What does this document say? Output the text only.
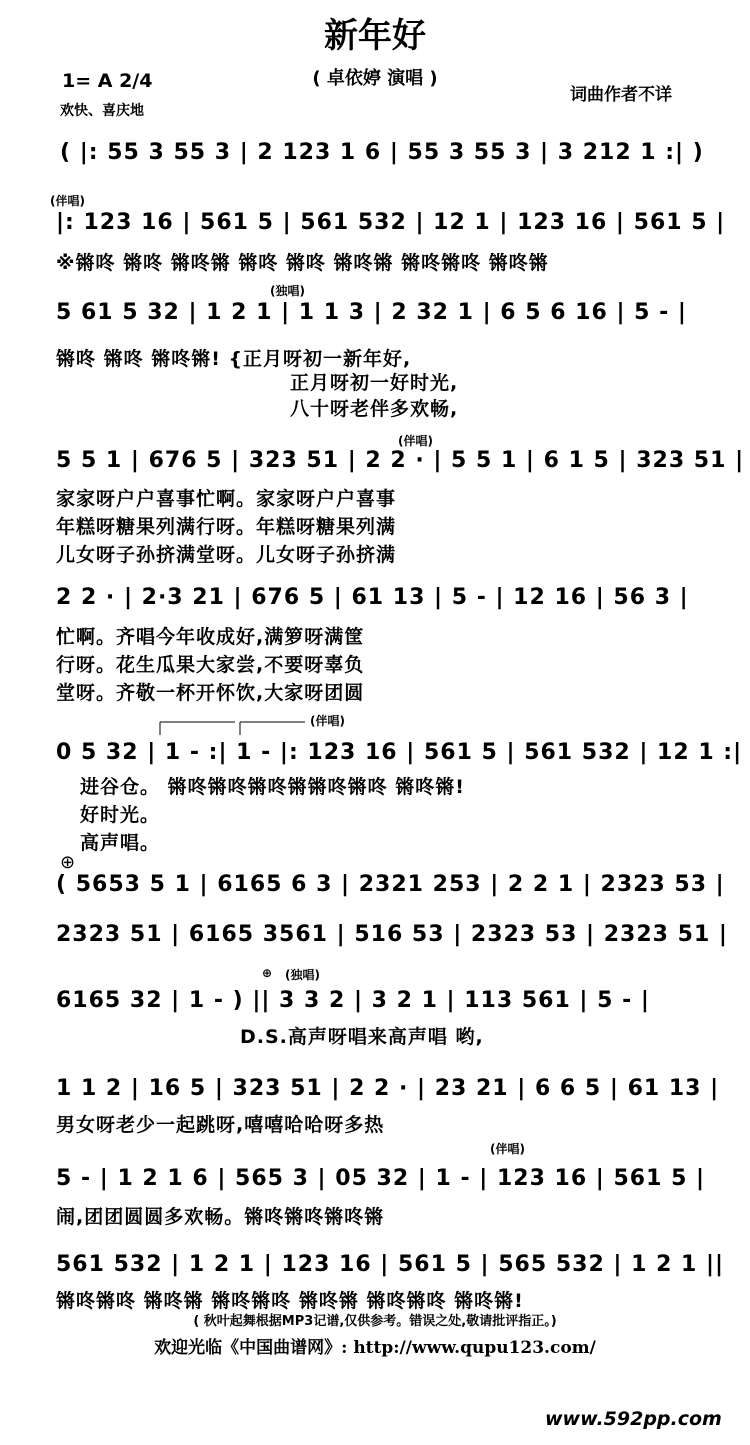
新年好
( 卓依婷 演唱 )
1= A 2/4
欢快、喜庆地
词曲作者不详
( |: 55 3 55 3 | 2 123 1 6 | 55 3 55 3 | 3 212 1 :| )
(伴唱)
|: 123 16 | 561 5 | 561 532 | 12 1 | 123 16 | 561 5 |
※锵咚 锵咚 锵咚锵 锵咚 锵咚 锵咚锵 锵咚锵咚 锵咚锵
(独唱)
5 61 5 32 | 1 2 1 | 1 1 3 | 2 32 1 | 6 5 6 16 | 5 - |
锵咚 锵咚 锵咚锵! {正月呀初一新年好,
正月呀初一好时光,
八十呀老伴多欢畅,
(伴唱)
5 5 1 | 676 5 | 323 51 | 2 2 · | 5 5 1 | 6 1 5 | 323 51 |
家家呀户户喜事忙啊。家家呀户户喜事
年糕呀糖果列满行呀。年糕呀糖果列满
儿女呀子孙挤满堂呀。儿女呀子孙挤满
2 2 · | 2·3 21 | 676 5 | 61 13 | 5 - | 12 16 | 56 3 |
忙啊。齐唱今年收成好,满箩呀满筐
行呀。花生瓜果大家尝,不要呀辜负
堂呀。齐敬一杯开怀饮,大家呀团圆
(伴唱)
0 5 32 | 1 - :| 1 - |: 123 16 | 561 5 | 561 532 | 12 1 :|
进谷仓。 锵咚锵咚锵咚锵锵咚锵咚 锵咚锵!
好时光。
高声唱。
⊕
( 5653 5 1 | 6165 6 3 | 2321 253 | 2 2 1 | 2323 53 |
2323 51 | 6165 3561 | 516 53 | 2323 53 | 2323 51 |
⊕ (独唱)
6165 32 | 1 - ) || 3 3 2 | 3 2 1 | 113 561 | 5 - |
D.S.高声呀唱来高声唱 哟,
1 1 2 | 16 5 | 323 51 | 2 2 · | 23 21 | 6 6 5 | 61 13 |
男女呀老少一起跳呀,嘻嘻哈哈呀多热
(伴唱)
5 - | 1 2 1 6 | 565 3 | 05 32 | 1 - | 123 16 | 561 5 |
闹,团团圆圆多欢畅。锵咚锵咚锵咚锵
561 532 | 1 2 1 | 123 16 | 561 5 | 565 532 | 1 2 1 ||
锵咚锵咚 锵咚锵 锵咚锵咚 锵咚锵 锵咚锵咚 锵咚锵!
( 秋叶起舞根据MP3记谱,仅供参考。错误之处,敬请批评指正。)
欢迎光临《中国曲谱网》: http://www.qupu123.com/
www.592pp.com
